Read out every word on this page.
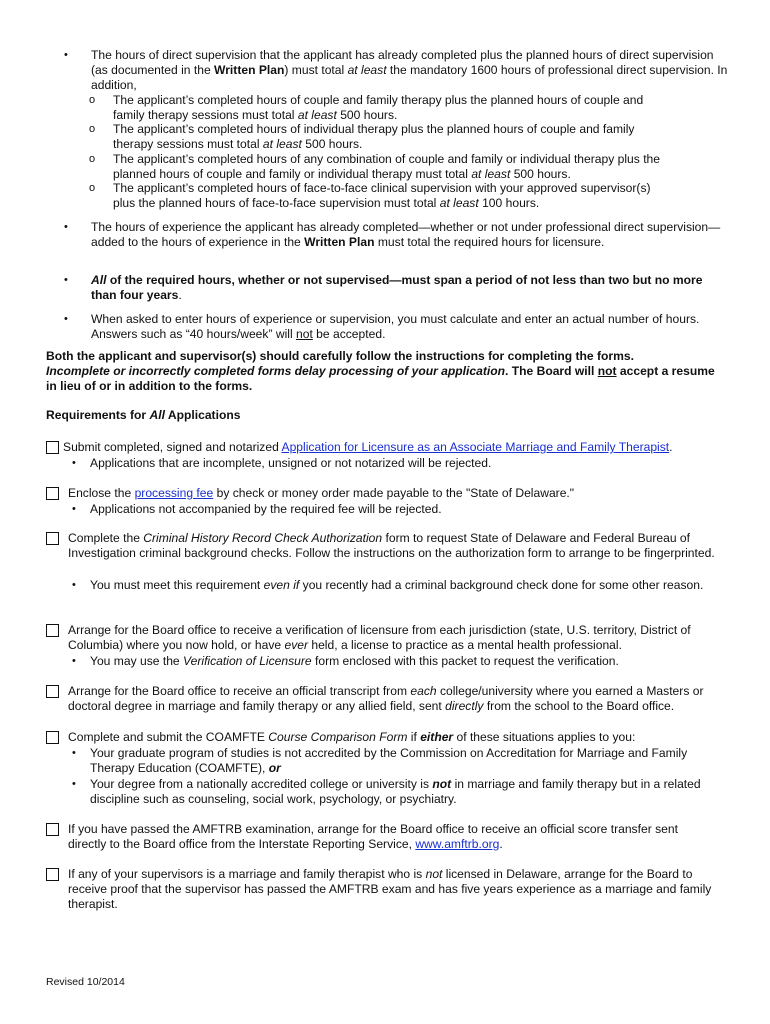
•	The hours of direct supervision that the applicant has already completed plus the planned hours of direct supervision (as documented in the Written Plan) must total at least the mandatory 1600 hours of professional direct supervision. In addition,
o The applicant’s completed hours of couple and family therapy plus the planned hours of couple and family therapy sessions must total at least 500 hours.
o The applicant’s completed hours of individual therapy plus the planned hours of couple and family therapy sessions must total at least 500 hours.
o The applicant’s completed hours of any combination of couple and family or individual therapy plus the planned hours of couple and family or individual therapy must total at least 500 hours.
o The applicant’s completed hours of face-to-face clinical supervision with your approved supervisor(s) plus the planned hours of face-to-face supervision must total at least 100 hours.
•	The hours of experience the applicant has already completed—whether or not under professional direct supervision—added to the hours of experience in the Written Plan must total the required hours for licensure.
•	All of the required hours, whether or not supervised—must span a period of not less than two but no more than four years.
•	When asked to enter hours of experience or supervision, you must calculate and enter an actual number of hours. Answers such as “40 hours/week” will not be accepted.
Both the applicant and supervisor(s) should carefully follow the instructions for completing the forms.
Incomplete or incorrectly completed forms delay processing of your application. The Board will not accept a resume in lieu of or in addition to the forms.
Requirements for All Applications
Submit completed, signed and notarized Application for Licensure as an Associate Marriage and Family Therapist.
• Applications that are incomplete, unsigned or not notarized will be rejected.
Enclose the processing fee by check or money order made payable to the "State of Delaware."
• Applications not accompanied by the required fee will be rejected.
Complete the Criminal History Record Check Authorization form to request State of Delaware and Federal Bureau of Investigation criminal background checks. Follow the instructions on the authorization form to arrange to be fingerprinted.
• You must meet this requirement even if you recently had a criminal background check done for some other reason.
Arrange for the Board office to receive a verification of licensure from each jurisdiction (state, U.S. territory, District of Columbia) where you now hold, or have ever held, a license to practice as a mental health professional.
• You may use the Verification of Licensure form enclosed with this packet to request the verification.
Arrange for the Board office to receive an official transcript from each college/university where you earned a Masters or doctoral degree in marriage and family therapy or any allied field, sent directly from the school to the Board office.
Complete and submit the COAMFTE Course Comparison Form if either of these situations applies to you:
• Your graduate program of studies is not accredited by the Commission on Accreditation for Marriage and Family Therapy Education (COAMFTE), or
• Your degree from a nationally accredited college or university is not in marriage and family therapy but in a related discipline such as counseling, social work, psychology, or psychiatry.
If you have passed the AMFTRB examination, arrange for the Board office to receive an official score transfer sent directly to the Board office from the Interstate Reporting Service, www.amftrb.org.
If any of your supervisors is a marriage and family therapist who is not licensed in Delaware, arrange for the Board to receive proof that the supervisor has passed the AMFTRB exam and has five years experience as a marriage and family therapist.
Revised 10/2014
